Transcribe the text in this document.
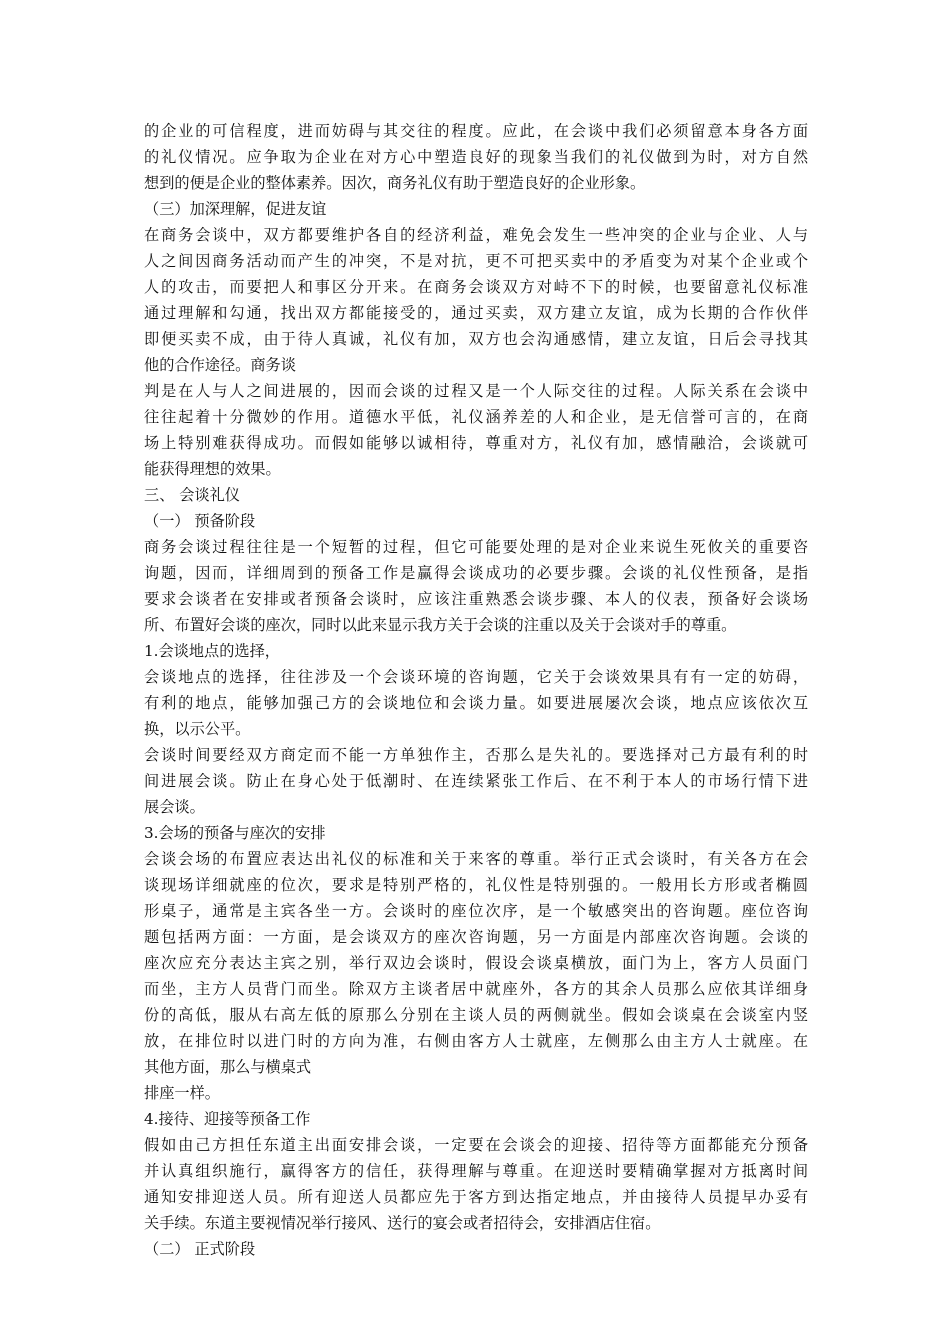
的企业的可信程度，进而妨碍与其交往的程度。应此，在会谈中我们必须留意本身各方面
的礼仪情况。应争取为企业在对方心中塑造良好的现象当我们的礼仪做到为时，对方自然
想到的便是企业的整体素养。因次，商务礼仪有助于塑造良好的企业形象。
（三）加深理解，促进友谊
在商务会谈中，双方都要维护各自的经济利益，难免会发生一些冲突的企业与企业、人与
人之间因商务活动而产生的冲突，不是对抗，更不可把买卖中的矛盾变为对某个企业或个
人的攻击，而要把人和事区分开来。在商务会谈双方对峙不下的时候，也要留意礼仪标准
通过理解和勾通，找出双方都能接受的，通过买卖，双方建立友谊，成为长期的合作伙伴
即便买卖不成，由于待人真诚，礼仪有加，双方也会沟通感情，建立友谊，日后会寻找其
他的合作途径。商务谈
判是在人与人之间进展的，因而会谈的过程又是一个人际交往的过程。人际关系在会谈中
往往起着十分微妙的作用。道德水平低，礼仪涵养差的人和企业，是无信誉可言的，在商
场上特别难获得成功。而假如能够以诚相待，尊重对方，礼仪有加，感情融洽，会谈就可
能获得理想的效果。
三、 会谈礼仪
（一） 预备阶段
商务会谈过程往往是一个短暂的过程，但它可能要处理的是对企业来说生死攸关的重要咨
询题，因而，详细周到的预备工作是赢得会谈成功的必要步骤。会谈的礼仪性预备，是指
要求会谈者在安排或者预备会谈时，应该注重熟悉会谈步骤、本人的仪表，预备好会谈场
所、布置好会谈的座次，同时以此来显示我方关于会谈的注重以及关于会谈对手的尊重。
1.会谈地点的选择，
会谈地点的选择，往往涉及一个会谈环境的咨询题，它关于会谈效果具有有一定的妨碍，
有利的地点，能够加强己方的会谈地位和会谈力量。如要进展屡次会谈，地点应该依次互
换，以示公平。
会谈时间要经双方商定而不能一方单独作主，否那么是失礼的。要选择对己方最有利的时
间进展会谈。防止在身心处于低潮时、在连续紧张工作后、在不利于本人的市场行情下进
展会谈。
3.会场的预备与座次的安排
会谈会场的布置应表达出礼仪的标准和关于来客的尊重。举行正式会谈时，有关各方在会
谈现场详细就座的位次，要求是特别严格的，礼仪性是特别强的。一般用长方形或者椭圆
形桌子，通常是主宾各坐一方。会谈时的座位次序，是一个敏感突出的咨询题。座位咨询
题包括两方面：一方面，是会谈双方的座次咨询题，另一方面是内部座次咨询题。会谈的
座次应充分表达主宾之别，举行双边会谈时，假设会谈桌横放，面门为上，客方人员面门
而坐，主方人员背门而坐。除双方主谈者居中就座外，各方的其余人员那么应依其详细身
份的高低，服从右高左低的原那么分别在主谈人员的两侧就坐。假如会谈桌在会谈室内竖
放，在排位时以进门时的方向为准，右侧由客方人士就座，左侧那么由主方人士就座。在
其他方面，那么与横桌式
排座一样。
4.接待、迎接等预备工作
假如由己方担任东道主出面安排会谈，一定要在会谈会的迎接、招待等方面都能充分预备
并认真组织施行，赢得客方的信任，获得理解与尊重。在迎送时要精确掌握对方抵离时间
通知安排迎送人员。所有迎送人员都应先于客方到达指定地点，并由接待人员提早办妥有
关手续。东道主要视情况举行接风、送行的宴会或者招待会，安排酒店住宿。
（二） 正式阶段
